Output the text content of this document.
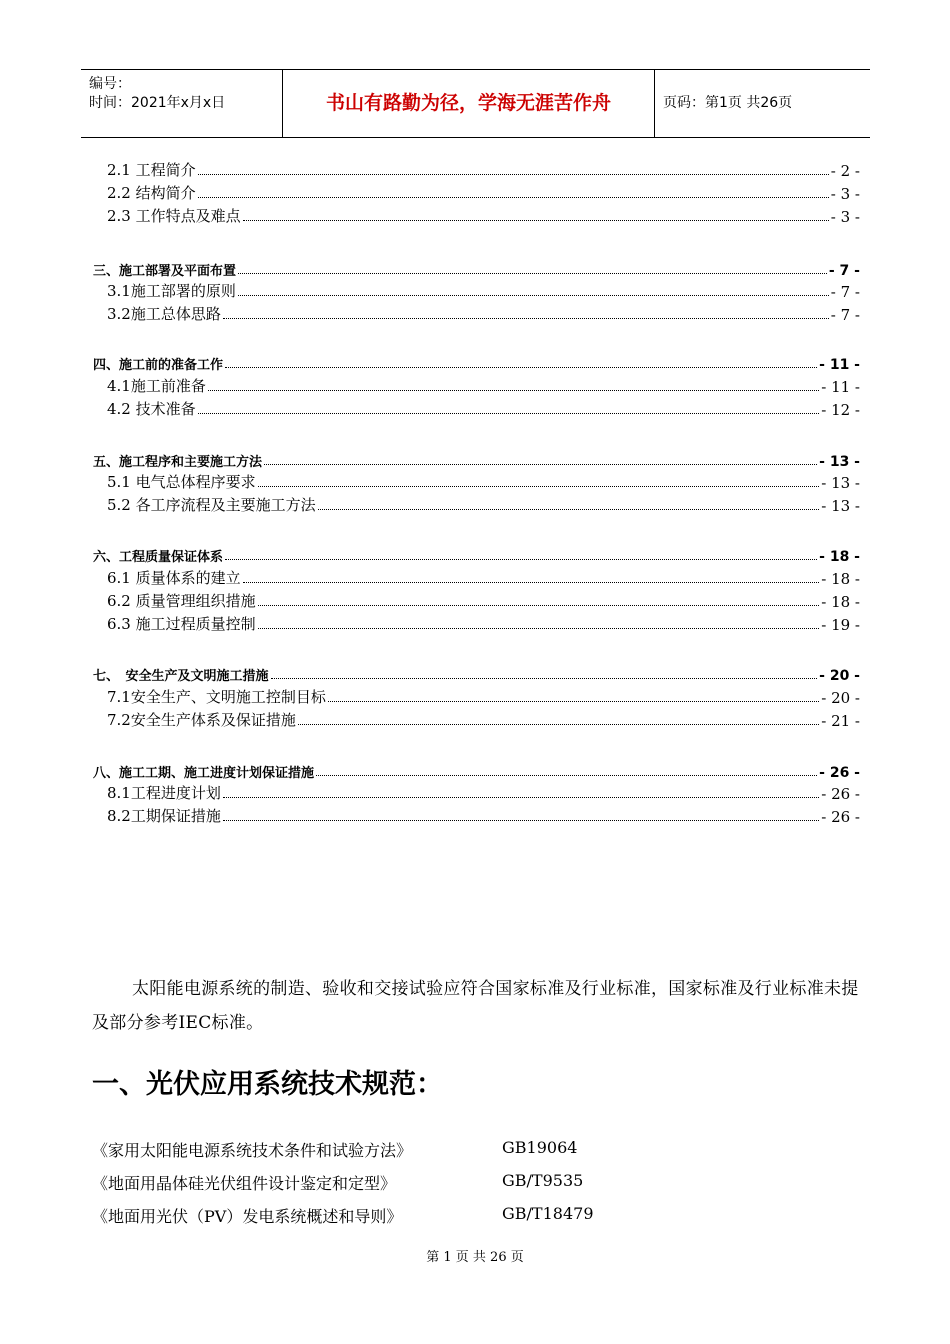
编号：
时间：2021年x月x日	书山有路勤为径，学海无涯苦作舟	页码：第1页 共26页
2.1 工程简介	- 2 -
2.2 结构简介	- 3 -
2.3 工作特点及难点	- 3 -
三、施工部署及平面布置	- 7 -
3.1施工部署的原则	- 7 -
3.2施工总体思路	- 7 -
四、施工前的准备工作	- 11 -
4.1施工前准备	- 11 -
4.2 技术准备	- 12 -
五、施工程序和主要施工方法	- 13 -
5.1 电气总体程序要求	- 13 -
5.2 各工序流程及主要施工方法	- 13 -
六、工程质量保证体系	- 18 -
6.1 质量体系的建立	- 18 -
6.2 质量管理组织措施	- 18 -
6.3 施工过程质量控制	- 19 -
七、　安全生产及文明施工措施	- 20 -
7.1安全生产、文明施工控制目标	- 20 -
7.2安全生产体系及保证措施	- 21 -
八、施工工期、施工进度计划保证措施	- 26 -
8.1工程进度计划	- 26 -
8.2工期保证措施	- 26 -
太阳能电源系统的制造、验收和交接试验应符合国家标准及行业标准，国家标准及行业标准未提及部分参考IEC标准。
一、光伏应用系统技术规范：
《家用太阳能电源系统技术条件和试验方法》	GB19064
《地面用晶体硅光伏组件设计鉴定和定型》	GB/T9535
《地面用光伏（PV）发电系统概述和导则》	GB/T18479
第 1 页 共 26 页
